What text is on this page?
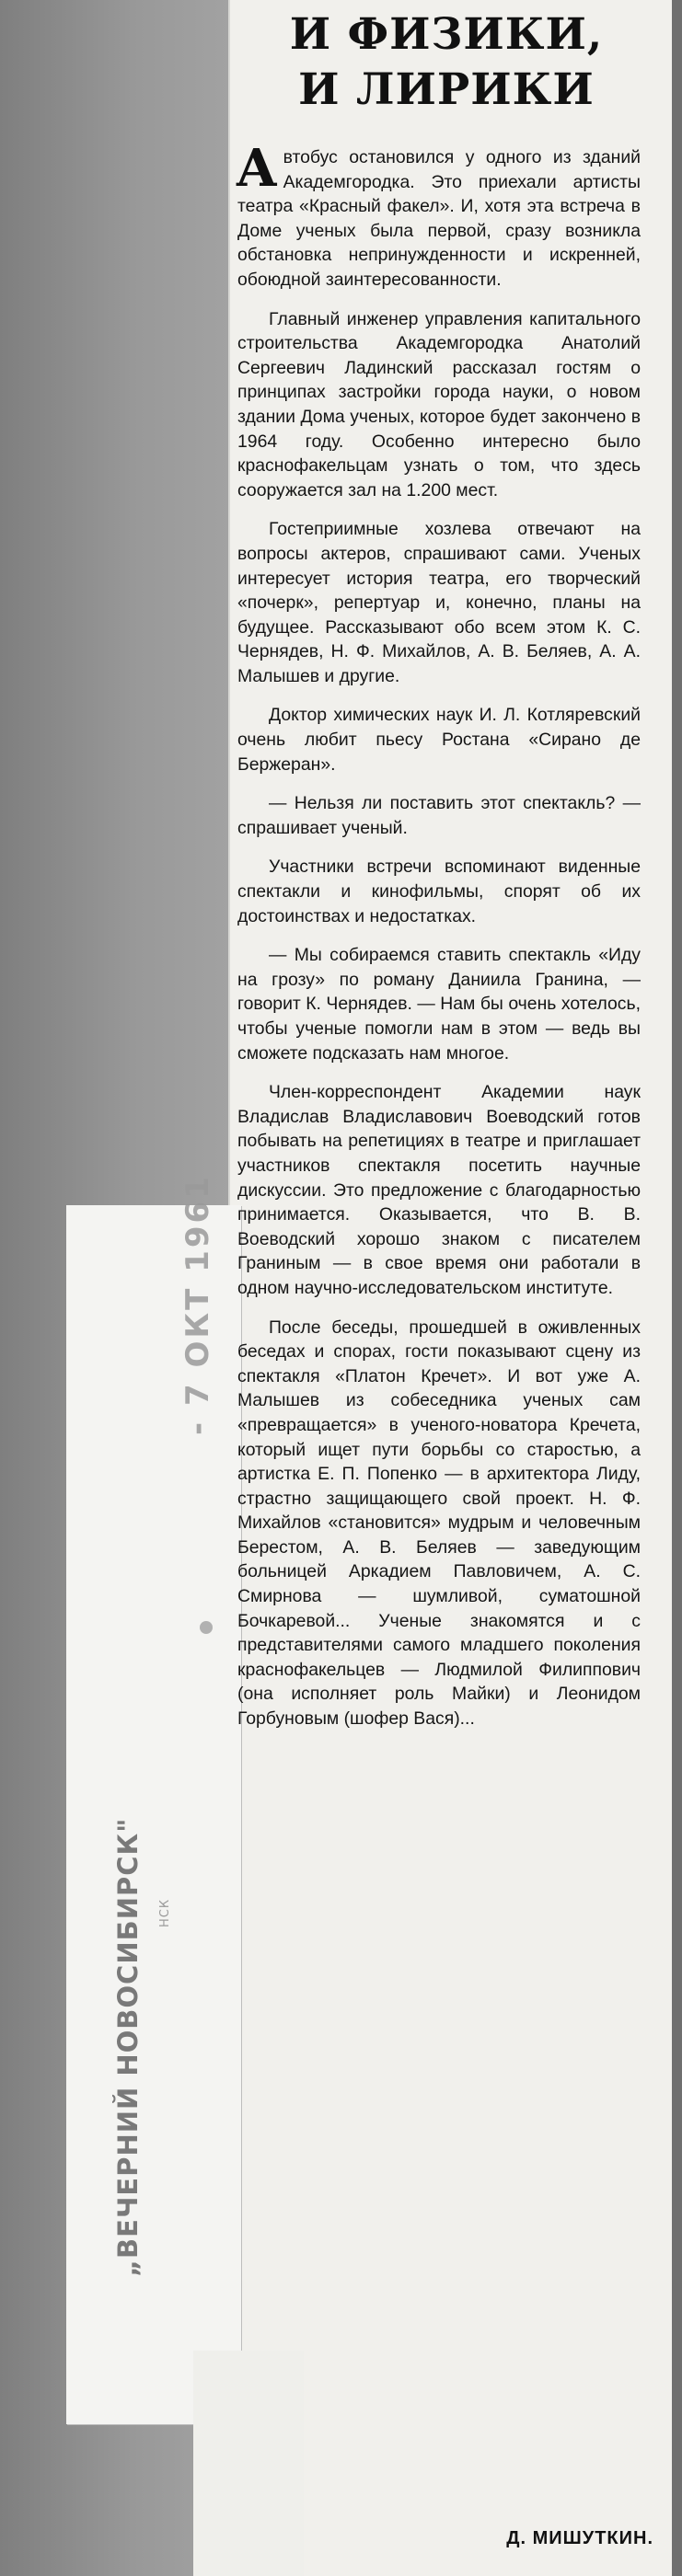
И ФИЗИКИ,
И ЛИРИКИ

Автобус остановился у одного из зданий Академгородка. Это приехали артисты театра «Красный факел». И, хотя эта встреча в Доме ученых была первой, сразу возникла обстановка непринужденности и искренней, обоюдной заинтересованности.

Главный инженер управления капитального строительства Академгородка Анатолий Сергеевич Ладинский рассказал гостям о принципах застройки города науки, о новом здании Дома ученых, которое будет закончено в 1964 году. Особенно интересно было краснофакельцам узнать о том, что здесь сооружается зал на 1.200 мест.

Гостеприимные хозлева отвечают на вопросы актеров, спрашивают сами. Ученых интересует история театра, его творческий «почерк», репертуар и, конечно, планы на будущее. Рассказывают обо всем этом К. С. Чернядев, Н. Ф. Михайлов, А. В. Беляев, А. А. Малышев и другие.

Доктор химических наук И. Л. Котляревский очень любит пьесу Ростана «Сирано де Бержеран».

— Нельзя ли поставить этот спектакль? — спрашивает ученый.

Участники встречи вспоминают виденные спектакли и кинофильмы, спорят об их достоинствах и недостатках.

— Мы собираемся ставить спектакль «Иду на грозу» по роману Даниила Гранина, — говорит К. Чернядев. — Нам бы очень хотелось, чтобы ученые помогли нам в этом — ведь вы сможете подсказать нам многое.

Член-корреспондент Академии наук Владислав Владиславович Воеводский готов побывать на репетициях в театре и приглашает участников спектакля посетить научные дискуссии. Это предложение с благодарностью принимается. Оказывается, что В. В. Воеводский хорошо знаком с писателем Граниным — в свое время они работали в одном научно-исследовательском институте.

После беседы, прошедшей в оживленных беседах и спорах, гости показывают сцену из спектакля «Платон Кречет». И вот уже А. Малышев из собеседника ученых сам «превращается» в ученого-новатора Кречета, который ищет пути борьбы со старостью, а артистка Е. П. Попенко — в архитектора Лиду, страстно защищающего свой проект. Н. Ф. Михайлов «становится» мудрым и человечным Берестом, А. В. Беляев — заведующим больницей Аркадием Павловичем, А. С. Смирнова — шумливой, суматошной Бочкаревой... Ученые знакомятся и с представителями самого младшего поколения краснофакельцев — Людмилой Филиппович (она исполняет роль Майки) и Леонидом Горбуновым (шофер Вася)...

Д. МИШУТКИН.
- 7 ОКТ 1961
„ВЕЧЕРНИЙ НОВОСИБИРСК"	НСК
